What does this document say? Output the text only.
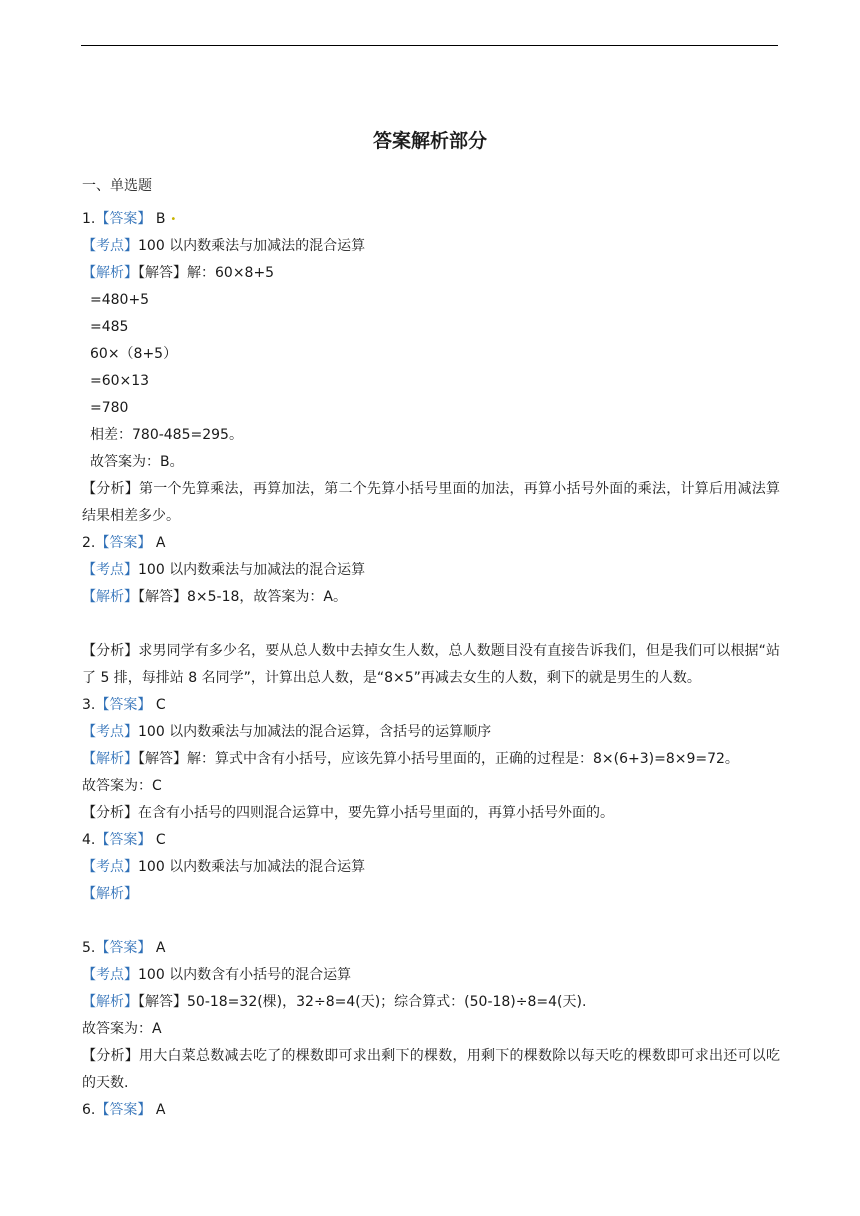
答案解析部分
一、单选题
1.【答案】 B •
【考点】100 以内数乘法与加减法的混合运算
【解析】【解答】解：60×8+5
=480+5
=485
60×（8+5）
=60×13
=780
相差：780-485=295。
故答案为：B。
【分析】第一个先算乘法，再算加法，第二个先算小括号里面的加法，再算小括号外面的乘法，计算后用减法算结果相差多少。
2.【答案】 A
【考点】100 以内数乘法与加减法的混合运算
【解析】【解答】8×5-18，故答案为：A。
【分析】求男同学有多少名，要从总人数中去掉女生人数，总人数题目没有直接告诉我们，但是我们可以根据“站了 5 排，每排站 8 名同学”，计算出总人数，是“8×5”再减去女生的人数，剩下的就是男生的人数。
3.【答案】 C
【考点】100 以内数乘法与加减法的混合运算，含括号的运算顺序
【解析】【解答】解：算式中含有小括号，应该先算小括号里面的，正确的过程是：8×(6+3)=8×9=72。
故答案为：C
【分析】在含有小括号的四则混合运算中，要先算小括号里面的，再算小括号外面的。
4.【答案】 C
【考点】100 以内数乘法与加减法的混合运算
【解析】
5.【答案】 A
【考点】100 以内数含有小括号的混合运算
【解析】【解答】50-18=32(棵)，32÷8=4(天)；综合算式：(50-18)÷8=4(天).
故答案为：A
【分析】用大白菜总数减去吃了的棵数即可求出剩下的棵数，用剩下的棵数除以每天吃的棵数即可求出还可以吃的天数.
6.【答案】 A
